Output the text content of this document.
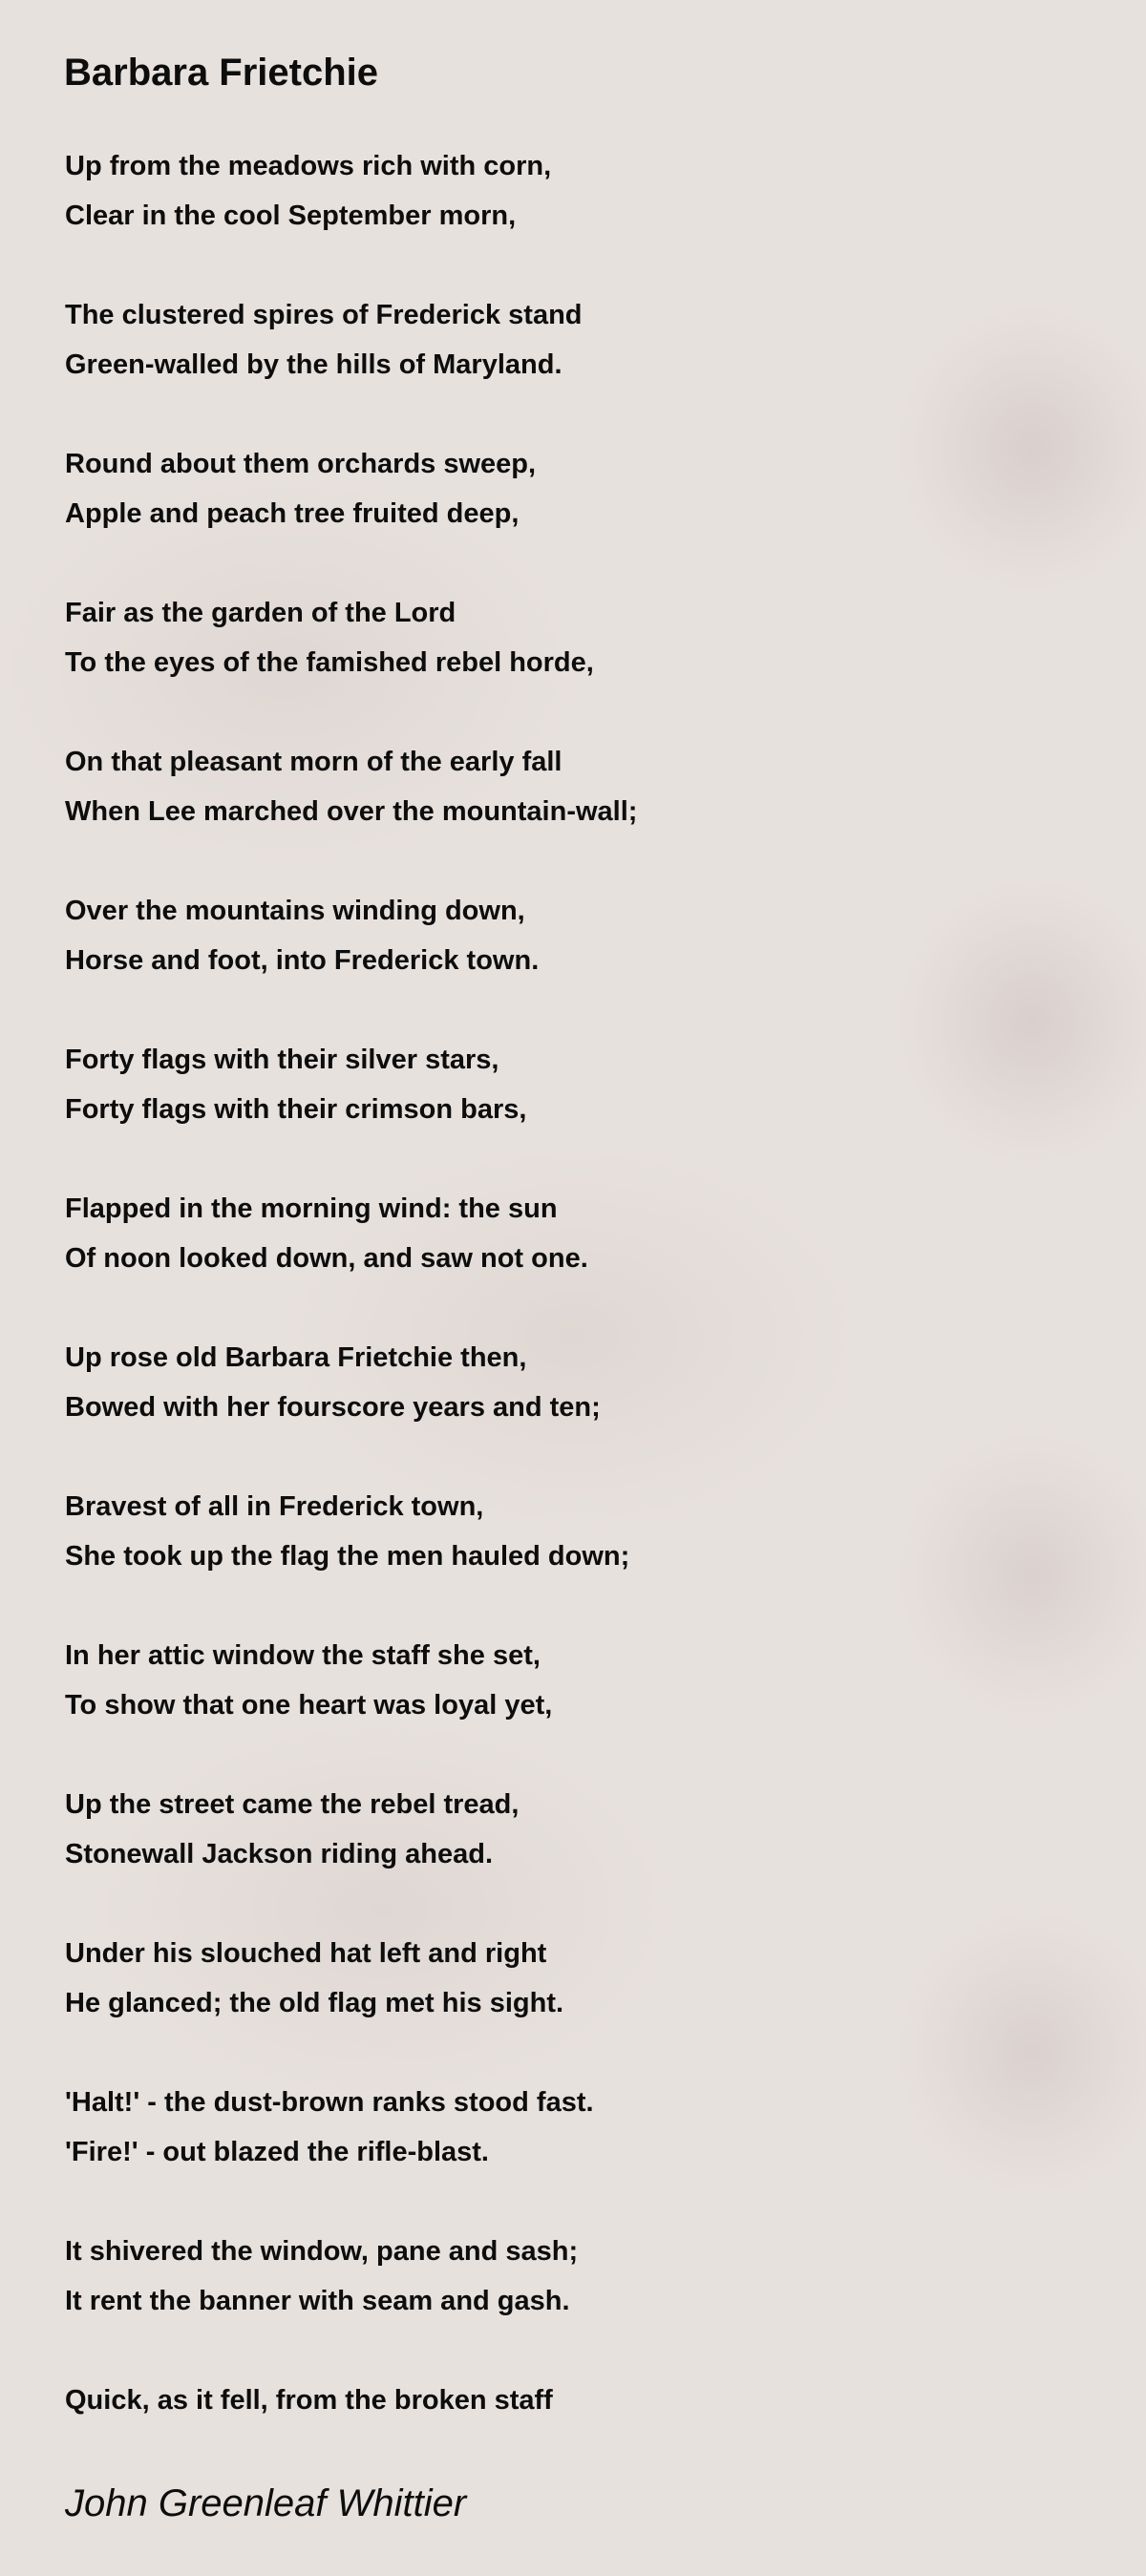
Barbara Frietchie
Up from the meadows rich with corn,
Clear in the cool September morn,
The clustered spires of Frederick stand
Green-walled by the hills of Maryland.
Round about them orchards sweep,
Apple and peach tree fruited deep,
Fair as the garden of the Lord
To the eyes of the famished rebel horde,
On that pleasant morn of the early fall
When Lee marched over the mountain-wall;
Over the mountains winding down,
Horse and foot, into Frederick town.
Forty flags with their silver stars,
Forty flags with their crimson bars,
Flapped in the morning wind: the sun
Of noon looked down, and saw not one.
Up rose old Barbara Frietchie then,
Bowed with her fourscore years and ten;
Bravest of all in Frederick town,
She took up the flag the men hauled down;
In her attic window the staff she set,
To show that one heart was loyal yet,
Up the street came the rebel tread,
Stonewall Jackson riding ahead.
Under his slouched hat left and right
He glanced; the old flag met his sight.
'Halt!' - the dust-brown ranks stood fast.
'Fire!' - out blazed the rifle-blast.
It shivered the window, pane and sash;
It rent the banner with seam and gash.
Quick, as it fell, from the broken staff
John Greenleaf Whittier
